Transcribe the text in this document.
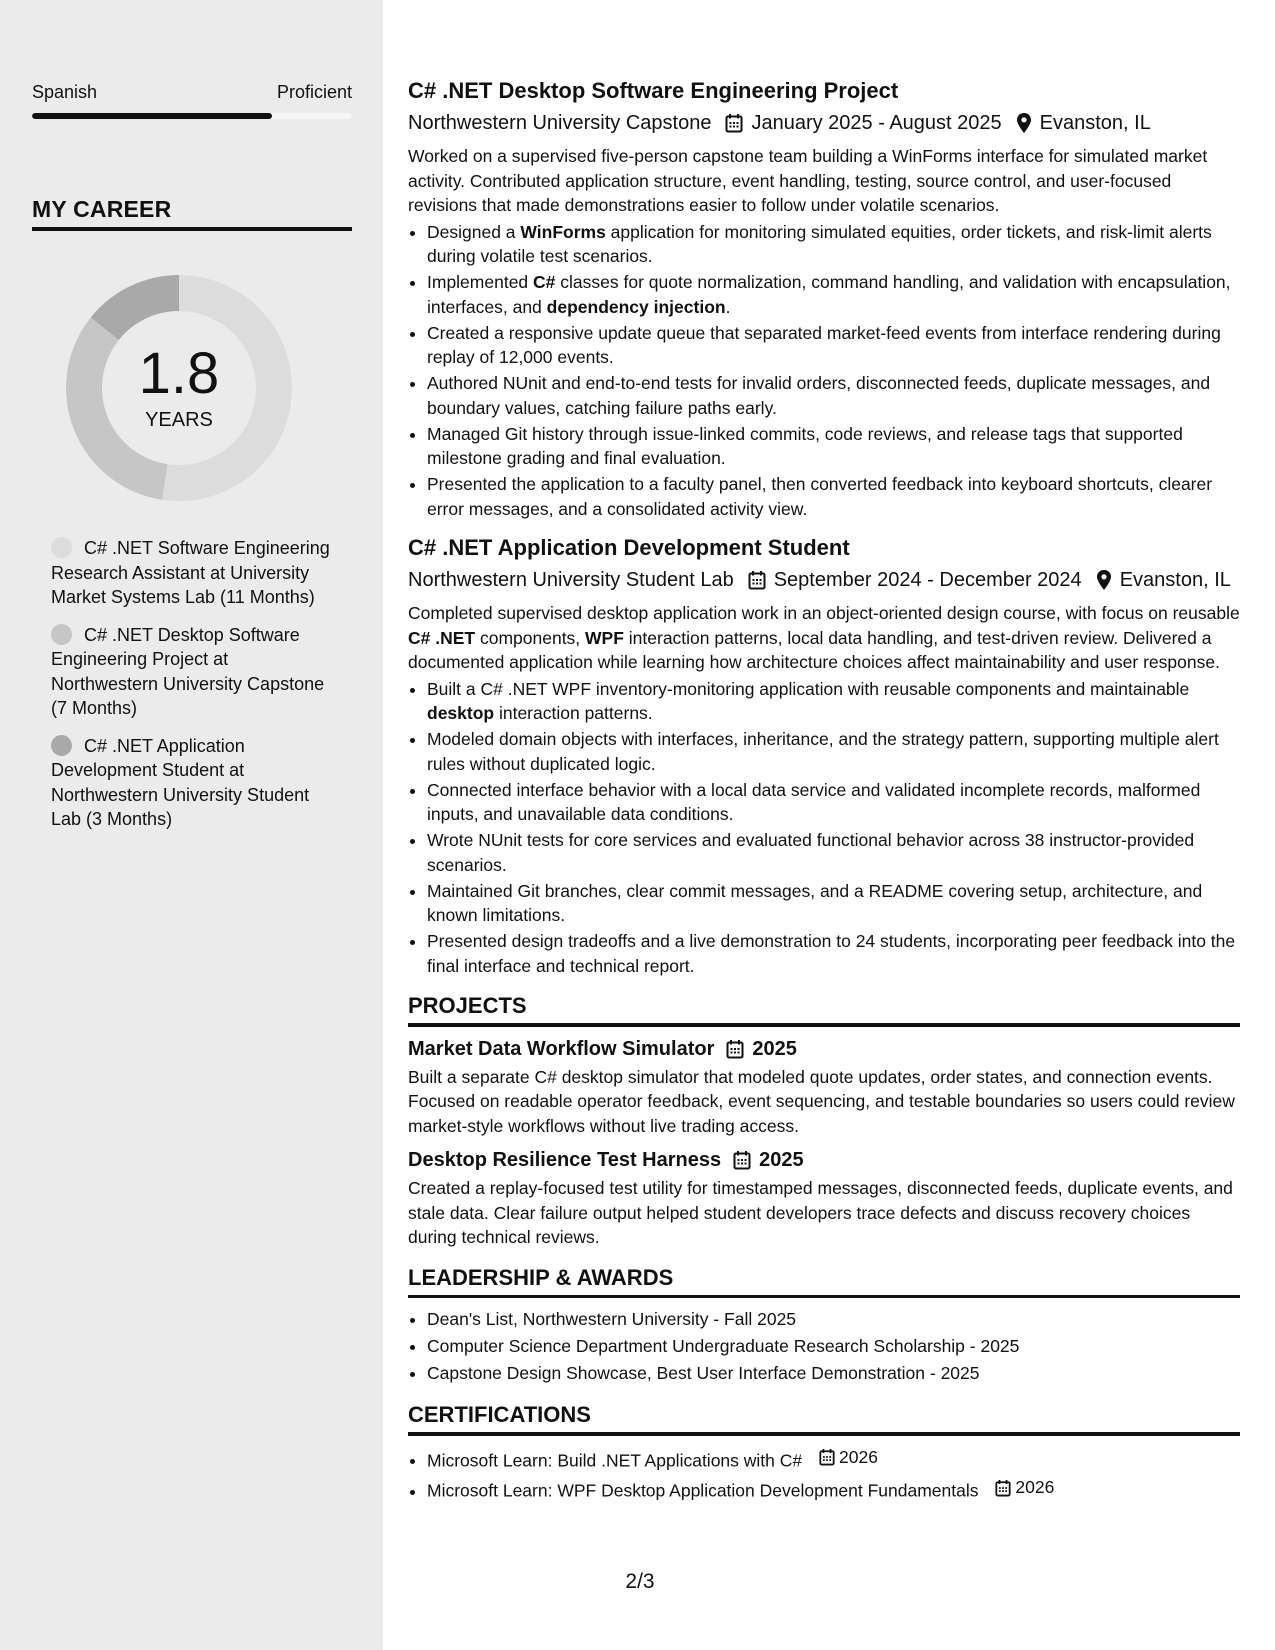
Spanish	Proficient
MY CAREER
1.8
YEARS
C# .NET Software Engineering Research Assistant at University Market Systems Lab (11 Months)
C# .NET Desktop Software Engineering Project at Northwestern University Capstone (7 Months)
C# .NET Application Development Student at Northwestern University Student Lab (3 Months)
C# .NET Desktop Software Engineering Project
Northwestern University Capstone January 2025 - August 2025 Evanston, IL
Worked on a supervised five-person capstone team building a WinForms interface for simulated market activity. Contributed application structure, event handling, testing, source control, and user-focused revisions that made demonstrations easier to follow under volatile scenarios.
• Designed a WinForms application for monitoring simulated equities, order tickets, and risk-limit alerts during volatile test scenarios.
• Implemented C# classes for quote normalization, command handling, and validation with encapsulation, interfaces, and dependency injection.
• Created a responsive update queue that separated market-feed events from interface rendering during replay of 12,000 events.
• Authored NUnit and end-to-end tests for invalid orders, disconnected feeds, duplicate messages, and boundary values, catching failure paths early.
• Managed Git history through issue-linked commits, code reviews, and release tags that supported milestone grading and final evaluation.
• Presented the application to a faculty panel, then converted feedback into keyboard shortcuts, clearer error messages, and a consolidated activity view.
C# .NET Application Development Student
Northwestern University Student Lab September 2024 - December 2024 Evanston, IL
Completed supervised desktop application work in an object-oriented design course, with focus on reusable C# .NET components, WPF interaction patterns, local data handling, and test-driven review. Delivered a documented application while learning how architecture choices affect maintainability and user response.
• Built a C# .NET WPF inventory-monitoring application with reusable components and maintainable desktop interaction patterns.
• Modeled domain objects with interfaces, inheritance, and the strategy pattern, supporting multiple alert rules without duplicated logic.
• Connected interface behavior with a local data service and validated incomplete records, malformed inputs, and unavailable data conditions.
• Wrote NUnit tests for core services and evaluated functional behavior across 38 instructor-provided scenarios.
• Maintained Git branches, clear commit messages, and a README covering setup, architecture, and known limitations.
• Presented design tradeoffs and a live demonstration to 24 students, incorporating peer feedback into the final interface and technical report.
PROJECTS
Market Data Workflow Simulator 2025
Built a separate C# desktop simulator that modeled quote updates, order states, and connection events. Focused on readable operator feedback, event sequencing, and testable boundaries so users could review market-style workflows without live trading access.
Desktop Resilience Test Harness 2025
Created a replay-focused test utility for timestamped messages, disconnected feeds, duplicate events, and stale data. Clear failure output helped student developers trace defects and discuss recovery choices during technical reviews.
LEADERSHIP & AWARDS
• Dean's List, Northwestern University - Fall 2025
• Computer Science Department Undergraduate Research Scholarship - 2025
• Capstone Design Showcase, Best User Interface Demonstration - 2025
CERTIFICATIONS
• Microsoft Learn: Build .NET Applications with C# 2026
• Microsoft Learn: WPF Desktop Application Development Fundamentals 2026
2/3
